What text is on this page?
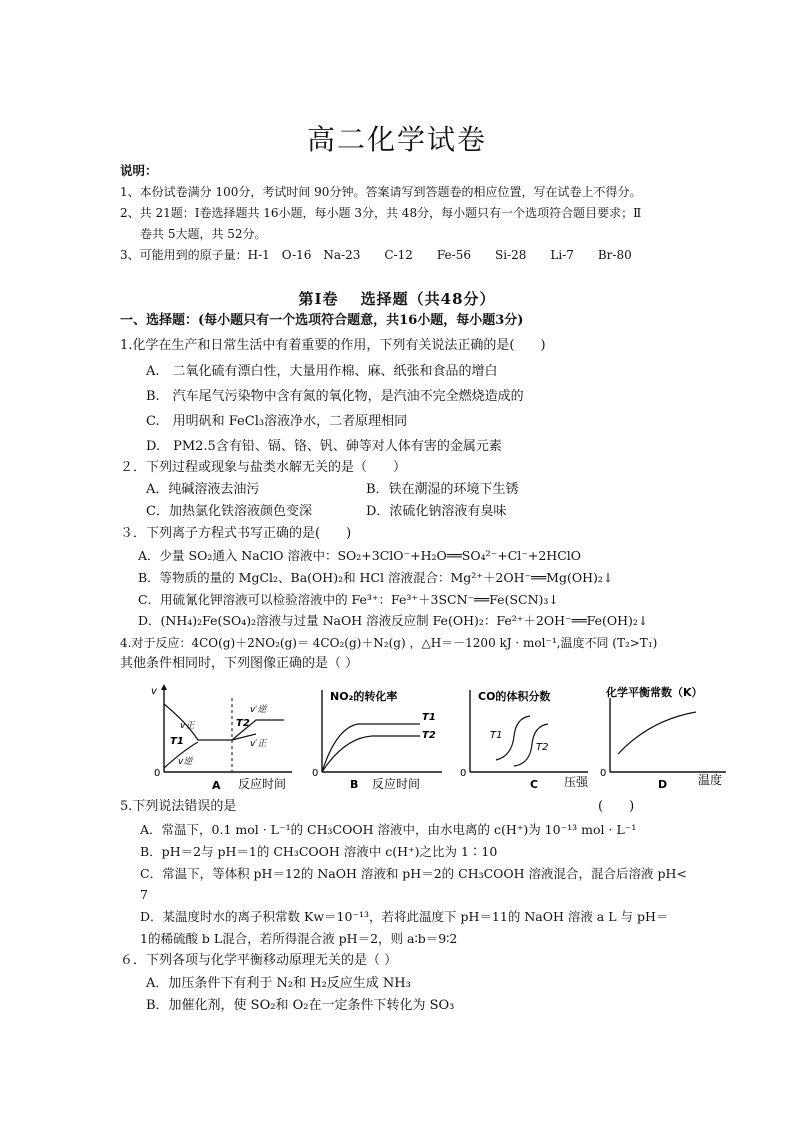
高二化学试卷
说明：
1、本份试卷满分 100分，考试时间 90分钟。答案请写到答题卷的相应位置，写在试卷上不得分。
2、共 21题：Ⅰ卷选择题共 16小题，每小题 3分，共 48分，每小题只有一个选项符合题目要求；Ⅱ
卷共 5大题，共 52分。
3、可能用到的原子量：H-1　O-16　Na-23　　C-12　　Fe-56　　Si-28　　Li-7　　Br-80
第Ⅰ卷　 选择题（共48分）
一、选择题：(每小题只有一个选项符合题意，共16小题，每小题3分)
1.化学在生产和日常生活中有着重要的作用，下列有关说法正确的是(　　)
A.　二氧化硫有漂白性，大量用作棉、麻、纸张和食品的增白
B.　汽车尾气污染物中含有氮的氧化物，是汽油不完全燃烧造成的
C.　用明矾和 FeCl₃溶液净水，二者原理相同
D.　PM2.5含有铅、镉、铬、钒、砷等对人体有害的金属元素
２．下列过程或现象与盐类水解无关的是（　　）
A．纯碱溶液去油污	B．铁在潮湿的环境下生锈
C．加热氯化铁溶液颜色变深	D．浓硫化钠溶液有臭味
３．下列离子方程式书写正确的是(　　)
A．少量 SO₂通入 NaClO 溶液中：SO₂+3ClO⁻+H₂O══SO₄²⁻+Cl⁻+2HClO
B．等物质的量的 MgCl₂、Ba(OH)₂和 HCl 溶液混合：Mg²⁺＋2OH⁻══Mg(OH)₂↓
C．用硫氰化钾溶液可以检验溶液中的 Fe³⁺：Fe³⁺＋3SCN⁻══Fe(SCN)₃↓
D．(NH₄)₂Fe(SO₄)₂溶液与过量 NaOH 溶液反应制 Fe(OH)₂：Fe²⁺＋2OH⁻══Fe(OH)₂↓
4.对于反应：4CO(g)＋2NO₂(g)＝ 4CO₂(g)＋N₂(g) ，△H＝－1200 kJ · mol⁻¹,温度不同 (T₂>T₁)
其他条件相同时，下列图像正确的是（ ）
v
0
v正
T1
v逆
T2
v′逆
v′正
A 反应时间
NO₂的转化率
T1
T2
0
B 反应时间
CO的体积分数
T1
T2
0
C 压强
化学平衡常数（K）
0
D	温度
5.下列说法错误的是	(　　)
A．常温下，0.1 mol · L⁻¹的 CH₃COOH 溶液中，由水电离的 c(H⁺)为 10⁻¹³ mol · L⁻¹
B．pH＝2与 pH＝1的 CH₃COOH 溶液中 c(H⁺)之比为 1∶10
C．常温下，等体积 pH＝12的 NaOH 溶液和 pH＝2的 CH₃COOH 溶液混合，混合后溶液 pH<
7
D．某温度时水的离子积常数 Kw＝10⁻¹³，若将此温度下 pH＝11的 NaOH 溶液 a L 与 pH＝
1的稀硫酸 b L混合，若所得混合液 pH＝2，则 a∶b＝9∶2
６．下列各项与化学平衡移动原理无关的是（ ）
A．加压条件下有利于 N₂和 H₂反应生成 NH₃
B．加催化剂，使 SO₂和 O₂在一定条件下转化为 SO₃
